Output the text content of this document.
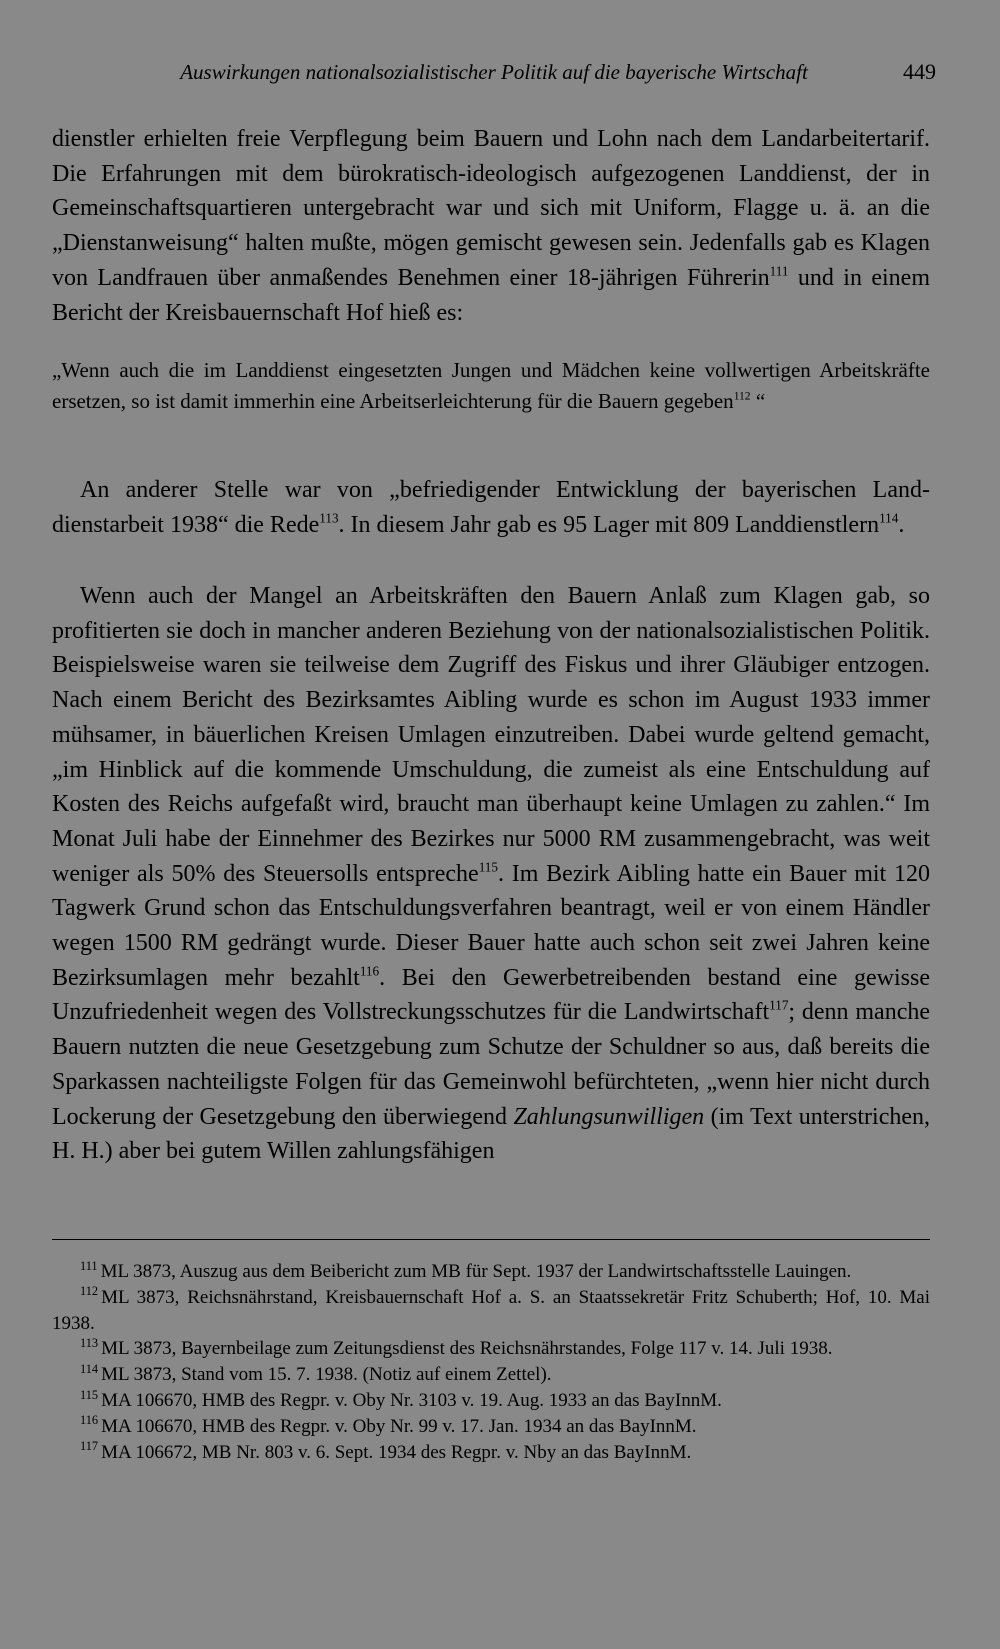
Auswirkungen nationalsozialistischer Politik auf die bayerische Wirtschaft	449

dienstler erhielten freie Verpflegung beim Bauern und Lohn nach dem Landarbeitertarif. Die Erfahrungen mit dem bürokratisch-ideologisch aufgezogenen Landdienst, der in Gemeinschaftsquartieren untergebracht war und sich mit Uniform, Flagge u. ä. an die „Dienstanweisung“ halten mußte, mögen gemischt gewesen sein. Jedenfalls gab es Klagen von Landfrauen über anmaßendes Benehmen einer 18-jährigen Führerin$^{111}$ und in einem Bericht der Kreisbauernschaft Hof hieß es:

„Wenn auch die im Landdienst eingesetzten Jungen und Mädchen keine vollwertigen Arbeitskräfte ersetzen, so ist damit immerhin eine Arbeitserleichterung für die Bauern gegeben$^{112}$ “

An anderer Stelle war von „befriedigender Entwicklung der bayerischen Landdienstarbeit 1938“ die Rede$^{113}$. In diesem Jahr gab es 95 Lager mit 809 Landdienstlern$^{114}$.

Wenn auch der Mangel an Arbeitskräften den Bauern Anlaß zum Klagen gab, so profitierten sie doch in mancher anderen Beziehung von der nationalsozialistischen Politik. Beispielsweise waren sie teilweise dem Zugriff des Fiskus und ihrer Gläubiger entzogen. Nach einem Bericht des Bezirksamtes Aibling wurde es schon im August 1933 immer mühsamer, in bäuerlichen Kreisen Umlagen einzutreiben. Dabei wurde geltend gemacht, „im Hinblick auf die kommende Umschuldung, die zumeist als eine Entschuldung auf Kosten des Reichs aufgefaßt wird, braucht man überhaupt keine Umlagen zu zahlen.“ Im Monat Juli habe der Einnehmer des Bezirkes nur 5000 RM zusammengebracht, was weit weniger als 50% des Steuersolls entspreche$^{115}$. Im Bezirk Aibling hatte ein Bauer mit 120 Tagwerk Grund schon das Entschuldungsverfahren beantragt, weil er von einem Händler wegen 1500 RM gedrängt wurde. Dieser Bauer hatte auch schon seit zwei Jahren keine Bezirksumlagen mehr bezahlt$^{116}$. Bei den Gewerbetreibenden bestand eine gewisse Unzufriedenheit wegen des Vollstreckungsschutzes für die Landwirtschaft$^{117}$; denn manche Bauern nutzten die neue Gesetzgebung zum Schutze der Schuldner so aus, daß bereits die Sparkassen nachteiligste Folgen für das Gemeinwohl befürchteten, „wenn hier nicht durch Lockerung der Gesetzgebung den überwiegend Zahlungsunwilligen (im Text unterstrichen, H. H.) aber bei gutem Willen zahlungsfähigen

$^{111}$ ML 3873, Auszug aus dem Beibericht zum MB für Sept. 1937 der Landwirtschaftsstelle Lauingen.

$^{112}$ ML 3873, Reichsnährstand, Kreisbauernschaft Hof a. S. an Staatssekretär Fritz Schuberth; Hof, 10. Mai 1938.

$^{113}$ ML 3873, Bayernbeilage zum Zeitungsdienst des Reichsnährstandes, Folge 117 v. 14. Juli 1938.

$^{114}$ ML 3873, Stand vom 15. 7. 1938. (Notiz auf einem Zettel).

$^{115}$ MA 106670, HMB des Regpr. v. Oby Nr. 3103 v. 19. Aug. 1933 an das BayInnM.

$^{116}$ MA 106670, HMB des Regpr. v. Oby Nr. 99 v. 17. Jan. 1934 an das BayInnM.

$^{117}$ MA 106672, MB Nr. 803 v. 6. Sept. 1934 des Regpr. v. Nby an das BayInnM.
